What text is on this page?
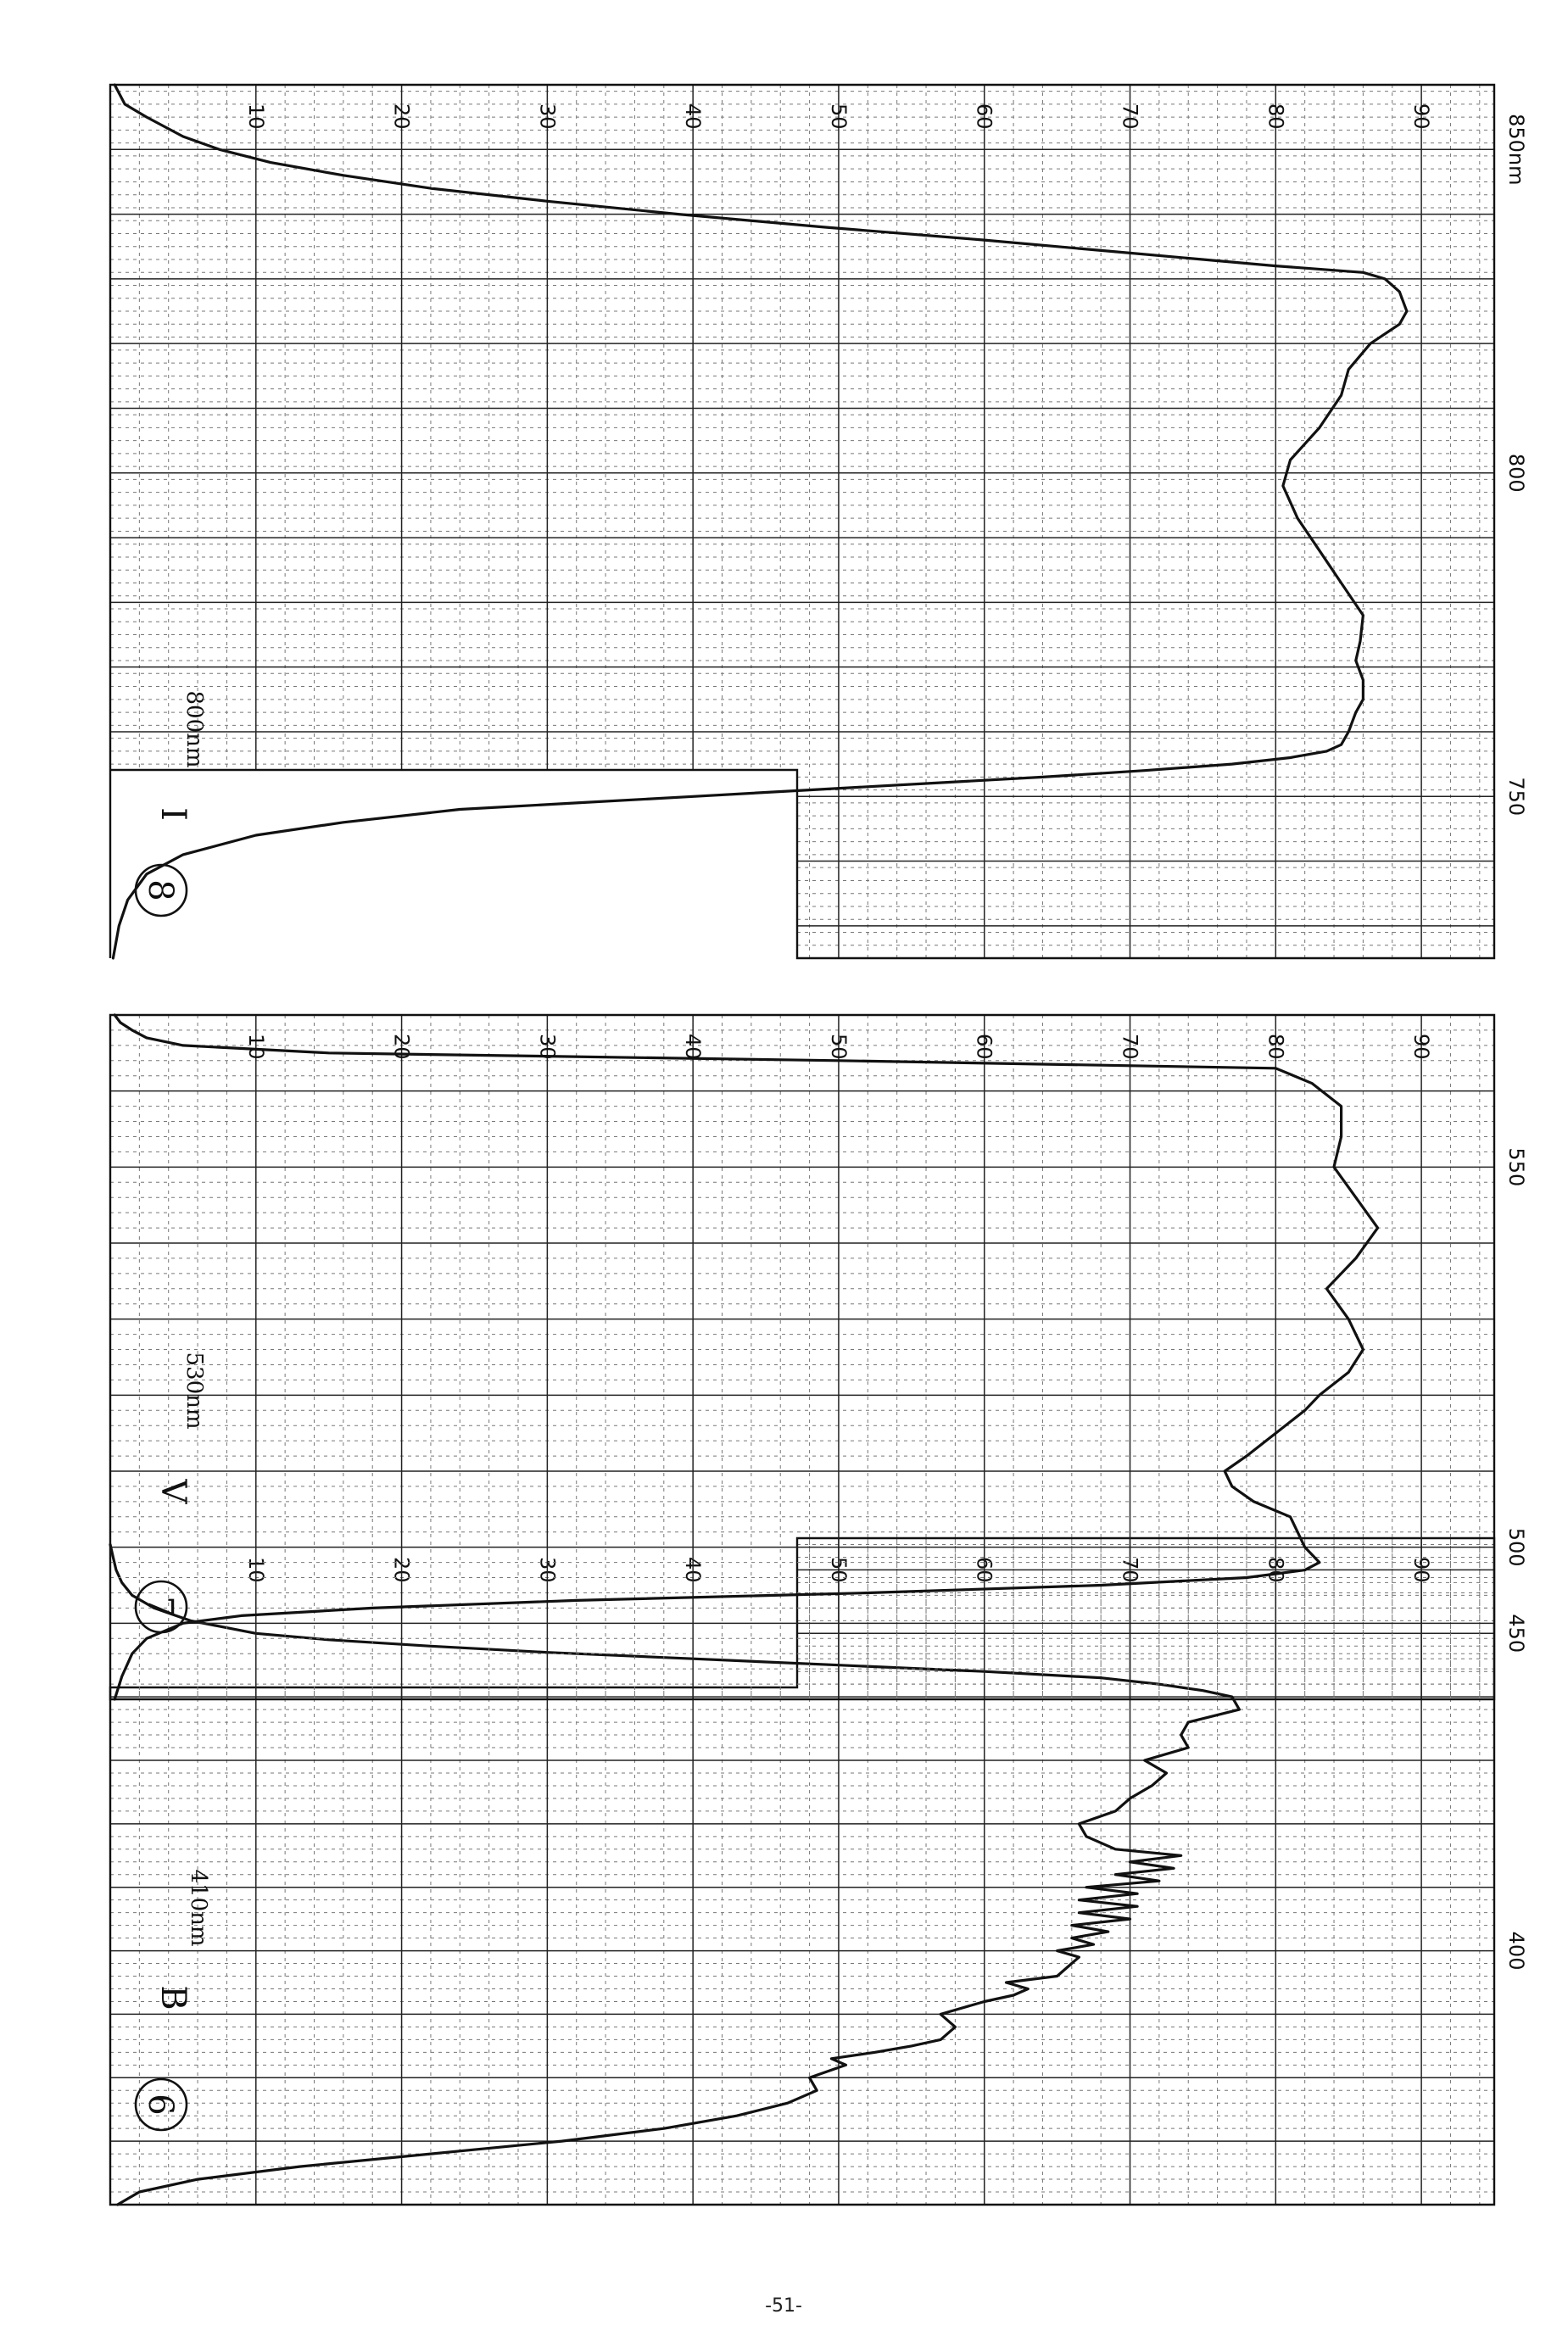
10	20	30	40	50	60	70	80	90
400
450
6
B
410nm
10	20	30	40	50	60	70	80	90
500
550
7
V
530nm
10	20	30	40	50	60	70	80	90
750
800
850nm
8
I
800nm
-51-
